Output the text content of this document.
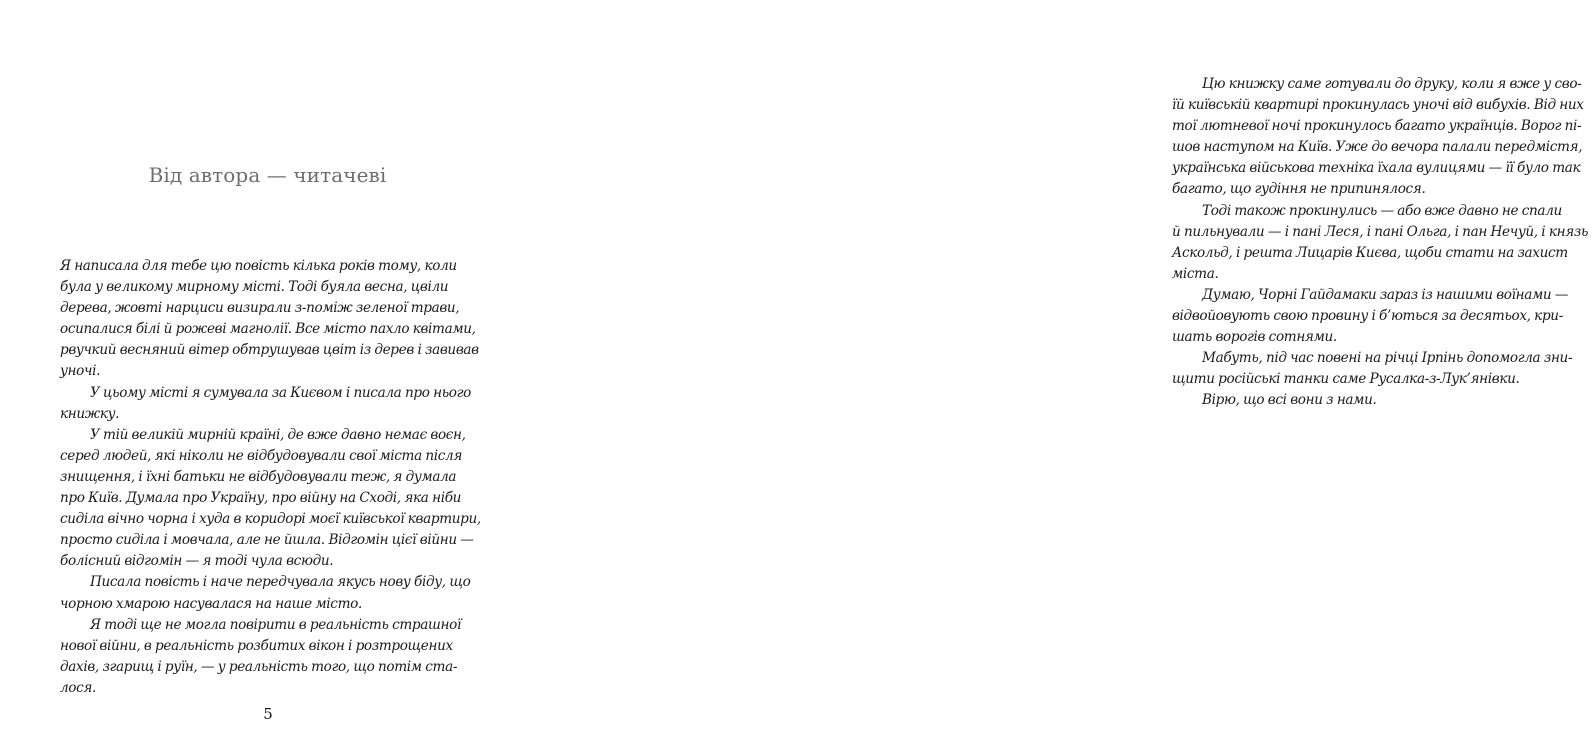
Від автора — читачеві
Я написала для тебе цю повість кілька років тому, коли
була у великому мирному місті. Тоді буяла весна, цвіли
дерева, жовті нарциси визирали з-поміж зеленої трави,
осипалися білі й рожеві магнолії. Все місто пахло квітами,
рвучкий весняний вітер обтрушував цвіт із дерев і завивав
уночі.
У цьому місті я сумувала за Києвом і писала про нього
книжку.
У тій великій мирній країні, де вже давно немає воєн,
серед людей, які ніколи не відбудовували свої міста після
знищення, і їхні батьки не відбудовували теж, я думала
про Київ. Думала про Україну, про війну на Сході, яка ніби
сиділа вічно чорна і худа в коридорі моєї київської квартири,
просто сиділа і мовчала, але не йшла. Відгомін цієї війни —
болісний відгомін — я тоді чула всюди.
Писала повість і наче передчувала якусь нову біду, що
чорною хмарою насувалася на наше місто.
Я тоді ще не могла повірити в реальність страшної
нової війни, в реальність розбитих вікон і розтрощених
дахів, згарищ і руїн, — у реальність того, що потім ста-
лося.
5
Цю книжку саме готували до друку, коли я вже у сво-
їй київській квартирі прокинулась уночі від вибухів. Від них
тої лютневої ночі прокинулось багато українців. Ворог пі-
шов наступом на Київ. Уже до вечора палали передмістя,
українська військова техніка їхала вулицями — її було так
багато, що гудіння не припинялося.
Тоді також прокинулись — або вже давно не спали
й пильнували — і пані Леся, і пані Ольга, і пан Нечуй, і князь
Аскольд, і решта Лицарів Києва, щоби стати на захист
міста.
Думаю, Чорні Гайдамаки зараз із нашими воїнами —
відвойовують свою провину і б’ються за десятьох, кри-
шать ворогів сотнями.
Мабуть, під час повені на річці Ірпінь допомогла зни-
щити російські танки саме Русалка-з-Лук’янівки.
Вірю, що всі вони з нами.
